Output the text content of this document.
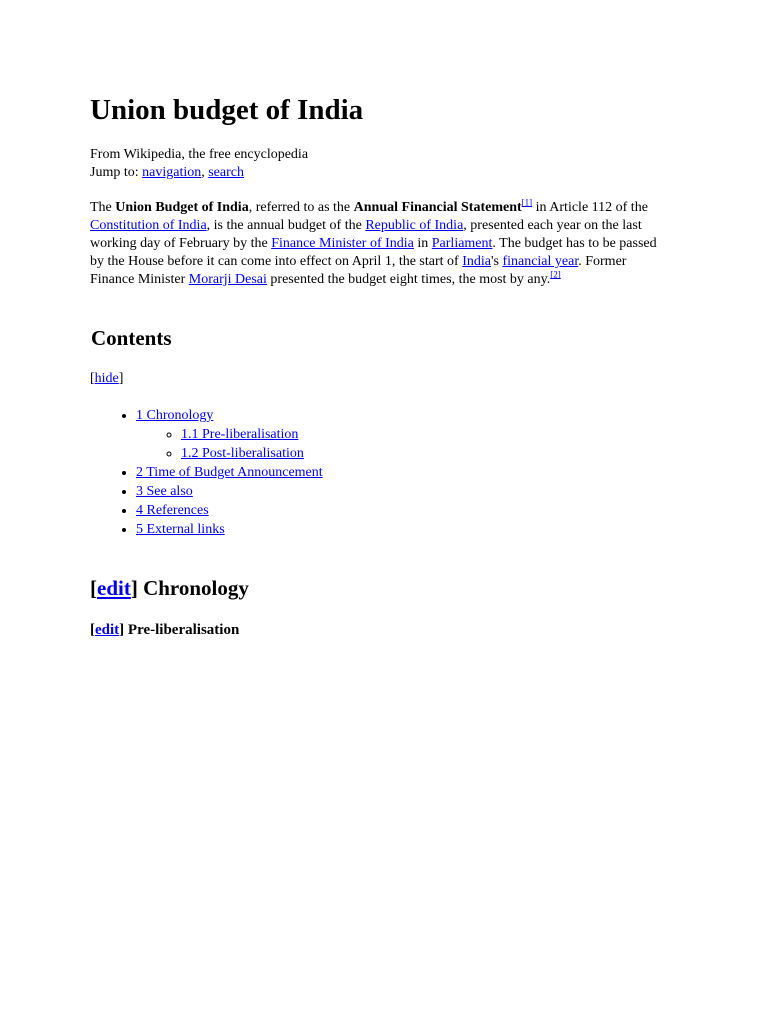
Union budget of India
From Wikipedia, the free encyclopedia
Jump to: navigation, search

The Union Budget of India, referred to as the Annual Financial Statement[1] in Article 112 of the Constitution of India, is the annual budget of the Republic of India, presented each year on the last working day of February by the Finance Minister of India in Parliament. The budget has to be passed by the House before it can come into effect on April 1, the start of India's financial year. Former Finance Minister Morarji Desai presented the budget eight times, the most by any.[2]

Contents
[hide]
• 1 Chronology
◦ 1.1 Pre-liberalisation
◦ 1.2 Post-liberalisation
• 2 Time of Budget Announcement
• 3 See also
• 4 References
• 5 External links
[edit] Chronology
[edit] Pre-liberalisation
